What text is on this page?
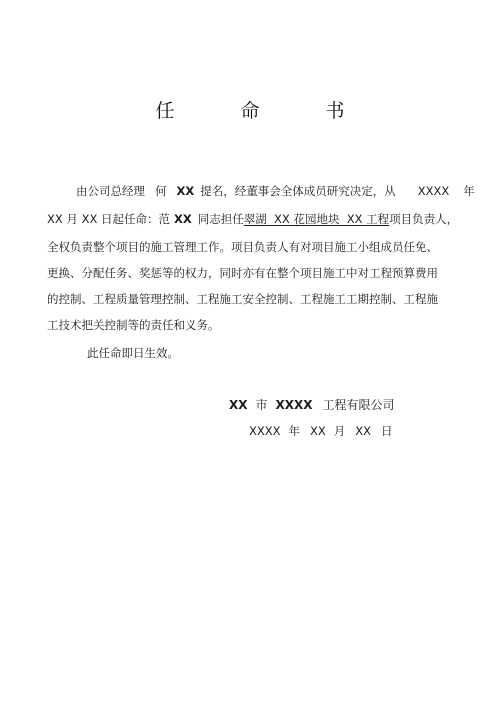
任 命 书
由公司总经理 何 XX 提名，经董事会全体成员研究决定，从 XXXX 年
XX 月 XX 日起任命：范 XX 同志担任翠湖 XX 花园地块 XX 工程项目负责人，
全权负责整个项目的施工管理工作。项目负责人有对项目施工小组成员任免、
更换、分配任务、奖惩等的权力，同时亦有在整个项目施工中对工程预算费用
的控制、工程质量管理控制、工程施工安全控制、工程施工工期控制、工程施
工技术把关控制等的责任和义务。
此任命即日生效。
XX 市 XXXX 工程有限公司
XXXX 年 XX 月 XX 日
